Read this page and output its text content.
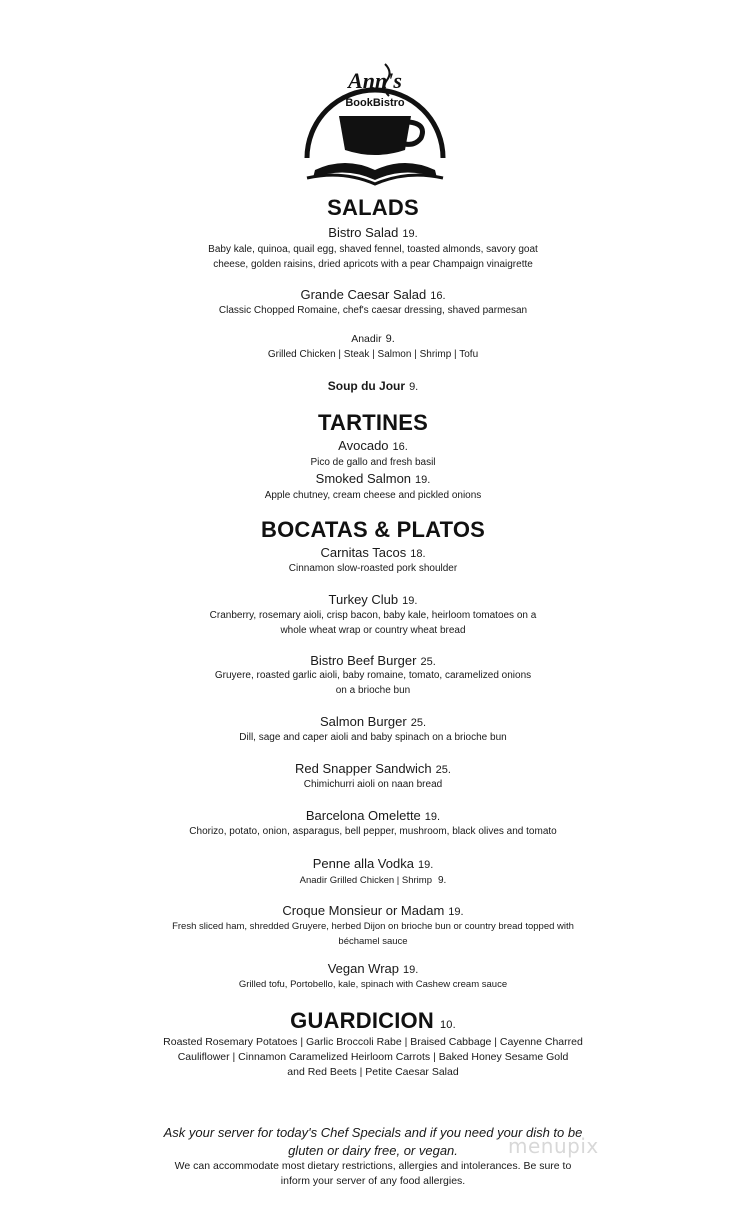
Ann's
BookBistro
SALADS
Bistro Salad 19.
Baby kale, quinoa, quail egg, shaved fennel, toasted almonds, savory goat
cheese, golden raisins, dried apricots with a pear Champaign vinaigrette
Grande Caesar Salad 16.
Classic Chopped Romaine, chef's caesar dressing, shaved parmesan
Anadir 9.
Grilled Chicken | Steak | Salmon | Shrimp | Tofu
Soup du Jour 9.
TARTINES
Avocado 16.
Pico de gallo and fresh basil
Smoked Salmon 19.
Apple chutney, cream cheese and pickled onions
BOCATAS & PLATOS
Carnitas Tacos 18.
Cinnamon slow-roasted pork shoulder
Turkey Club 19.
Cranberry, rosemary aioli, crisp bacon, baby kale, heirloom tomatoes on a
whole wheat wrap or country wheat bread
Bistro Beef Burger 25.
Gruyere, roasted garlic aioli, baby romaine, tomato, caramelized onions
on a brioche bun
Salmon Burger 25.
Dill, sage and caper aioli and baby spinach on a brioche bun
Red Snapper Sandwich 25.
Chimichurri aioli on naan bread
Barcelona Omelette 19.
Chorizo, potato, onion, asparagus, bell pepper, mushroom, black olives and tomato
Penne alla Vodka 19.
Anadir Grilled Chicken | Shrimp 9.
Croque Monsieur or Madam 19.
Fresh sliced ham, shredded Gruyere, herbed Dijon on brioche bun or country bread topped with
béchamel sauce
Vegan Wrap 19.
Grilled tofu, Portobello, kale, spinach with Cashew cream sauce
GUARDICION 10.
Roasted Rosemary Potatoes | Garlic Broccoli Rabe | Braised Cabbage | Cayenne Charred
Cauliflower | Cinnamon Caramelized Heirloom Carrots | Baked Honey Sesame Gold
and Red Beets | Petite Caesar Salad
Ask your server for today's Chef Specials and if you need your dish to be
gluten or dairy free, or vegan.
We can accommodate most dietary restrictions, allergies and intolerances. Be sure to
inform your server of any food allergies.
menupix
